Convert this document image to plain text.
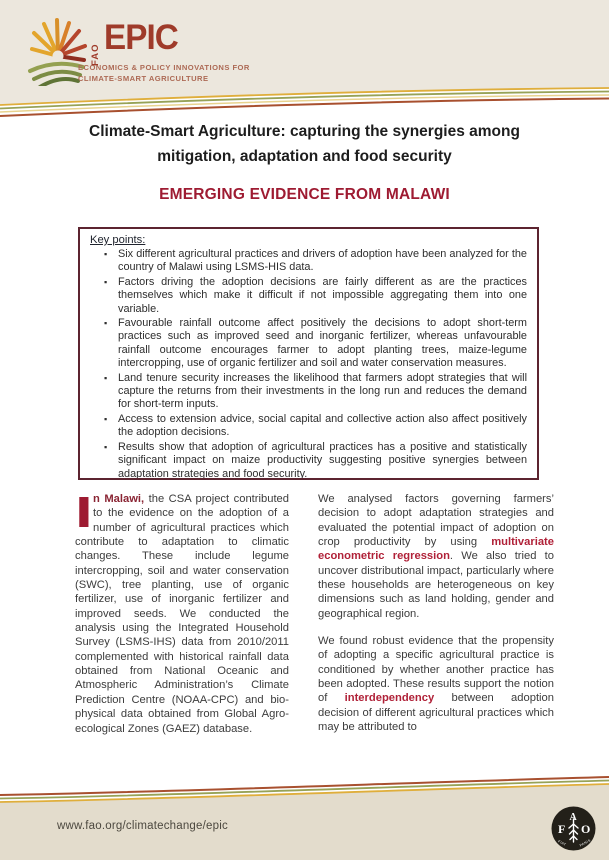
FAO EPIC
ECONOMICS & POLICY INNOVATIONS FOR
CLIMATE-SMART AGRICULTURE
Climate-Smart Agriculture: capturing the synergies among
mitigation, adaptation and food security
EMERGING EVIDENCE FROM MALAWI
Key points:
▪ Six different agricultural practices and drivers of adoption have been analyzed for the country of Malawi using LSMS-HIS data.
▪ Factors driving the adoption decisions are fairly different as are the practices themselves which make it difficult if not impossible aggregating them into one variable.
▪ Favourable rainfall outcome affect positively the decisions to adopt short-term practices such as improved seed and inorganic fertilizer, whereas unfavourable rainfall outcome encourages farmer to adopt planting trees, maize-legume intercropping, use of organic fertilizer and soil and water conservation measures.
▪ Land tenure security increases the likelihood that farmers adopt strategies that will capture the returns from their investments in the long run and reduces the demand for short-term inputs.
▪ Access to extension advice, social capital and collective action also affect positively the adoption decisions.
▪ Results show that adoption of agricultural practices has a positive and statistically significant impact on maize productivity suggesting positive synergies between adaptation strategies and food security.

In Malawi, the CSA project contributed to the evidence on the adoption of a number of agricultural practices which contribute to adaptation to climatic changes. These include legume intercropping, soil and water conservation (SWC), tree planting, use of organic fertilizer, use of inorganic fertilizer and improved seeds. We conducted the analysis using the Integrated Household Survey (LSMS-IHS) data from 2010/2011 complemented with historical rainfall data obtained from National Oceanic and Atmospheric Administration’s Climate Prediction Centre (NOAA-CPC) and bio-physical data obtained from Global Agro-ecological Zones (GAEZ) database.

We analysed factors governing farmers’ decision to adopt adaptation strategies and evaluated the potential impact of adoption on crop productivity by using multivariate econometric regression. We also tried to uncover distributional impact, particularly where these households are heterogeneous on key dimensions such as land holding, gender and geographical region.

We found robust evidence that the propensity of adopting a specific agricultural practice is conditioned by whether another practice has been adopted. These results support the notion of interdependency between adoption decision of different agricultural practices which may be attributed to

www.fao.org/climatechange/epic	F
A
O
FIAT	PANIS
